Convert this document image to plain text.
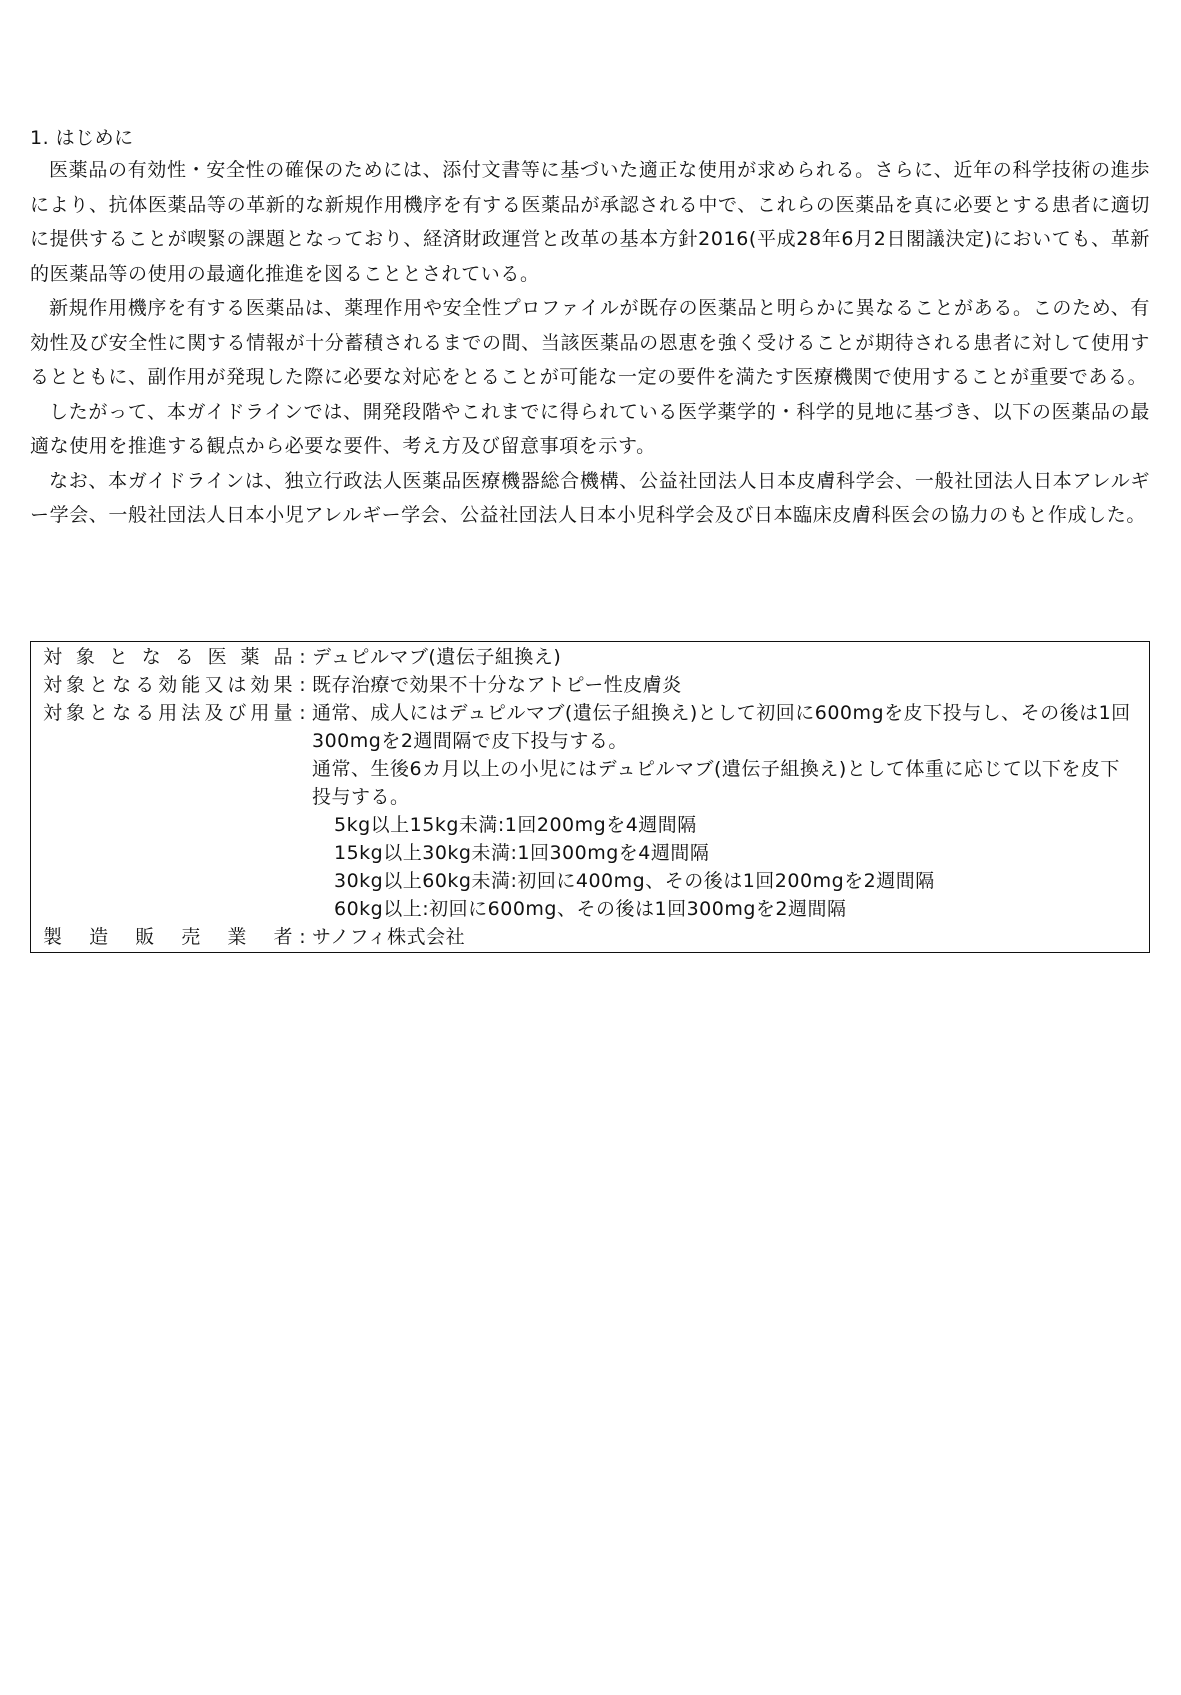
1. はじめに

医薬品の有効性・安全性の確保のためには、添付文書等に基づいた適正な使用が求められる。さらに、近年の科学技術の進歩により、抗体医薬品等の革新的な新規作用機序を有する医薬品が承認される中で、これらの医薬品を真に必要とする患者に適切に提供することが喫緊の課題となっており、経済財政運営と改革の基本方針2016(平成28年6月2日閣議決定)においても、革新的医薬品等の使用の最適化推進を図ることとされている。

新規作用機序を有する医薬品は、薬理作用や安全性プロファイルが既存の医薬品と明らかに異なることがある。このため、有効性及び安全性に関する情報が十分蓄積されるまでの間、当該医薬品の恩恵を強く受けることが期待される患者に対して使用するとともに、副作用が発現した際に必要な対応をとることが可能な一定の要件を満たす医療機関で使用することが重要である。

したがって、本ガイドラインでは、開発段階やこれまでに得られている医学薬学的・科学的見地に基づき、以下の医薬品の最適な使用を推進する観点から必要な要件、考え方及び留意事項を示す。

なお、本ガイドラインは、独立行政法人医薬品医療機器総合機構、公益社団法人日本皮膚科学会、一般社団法人日本アレルギー学会、一般社団法人日本小児アレルギー学会、公益社団法人日本小児科学会及び日本臨床皮膚科医会の協力のもと作成した。

対象となる医薬品 : デュピルマブ(遺伝子組換え)
対象となる効能又は効果 : 既存治療で効果不十分なアトピー性皮膚炎
対象となる用法及び用量 : 通常、成人にはデュピルマブ(遺伝子組換え)として初回に600mgを皮下投与し、その後は1回300mgを2週間隔で皮下投与する。
通常、生後6カ月以上の小児にはデュピルマブ(遺伝子組換え)として体重に応じて以下を皮下投与する。
5kg以上15kg未満:1回200mgを4週間隔
15kg以上30kg未満:1回300mgを4週間隔
30kg以上60kg未満:初回に400mg、その後は1回200mgを2週間隔
60kg以上:初回に600mg、その後は1回300mgを2週間隔
製造販売業者 : サノフィ株式会社
